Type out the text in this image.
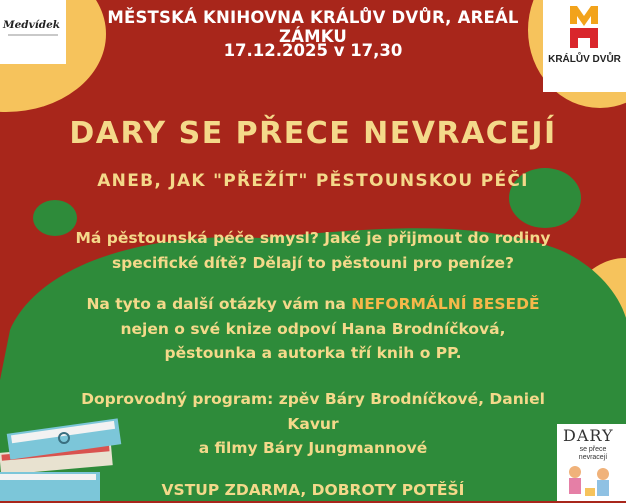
Medvídek
KRÁLŮV DVŮR
MĚSTSKÁ KNIHOVNA KRÁLŮV DVŮR, AREÁL ZÁMKU
17.12.2025 v 17,30
DARY SE PŘECE NEVRACEJÍ
ANEB, JAK "PŘEŽÍT" PĚSTOUNSKOU PÉČI
Má pěstounská péče smysl? Jaké je přijmout do rodiny
specifické dítě? Dělají to pěstouni pro peníze?
Na tyto a další otázky vám na NEFORMÁLNÍ BESEDĚ
nejen o své knize odpoví Hana Brodníčková,
pěstounka a autorka tří knih o PP.
Doprovodný program: zpěv Báry Brodníčkové, Daniel Kavur
a filmy Báry Jungmannové
VSTUP ZDARMA, DOBROTY POTĚŠÍ
DARY
se přece nevracejí
